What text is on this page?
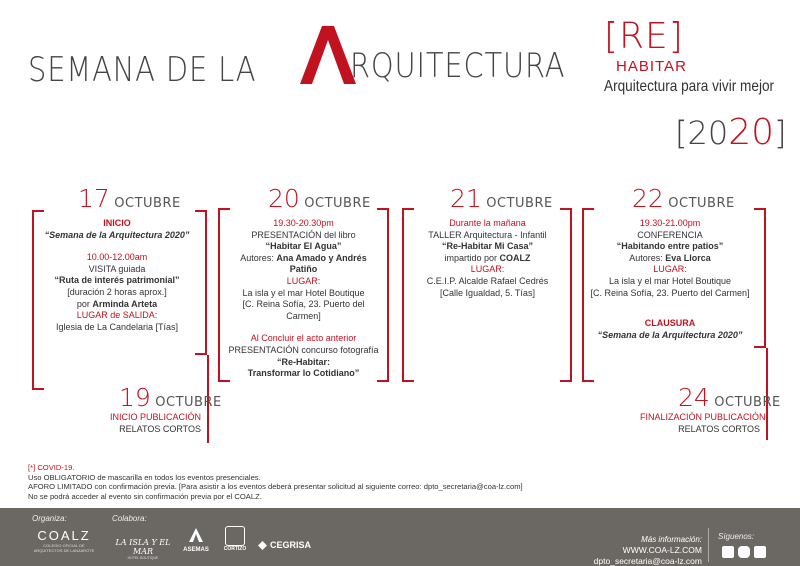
SEMANA DE LA	RQUITECTURA
[RE]
HABITAR
Arquitectura para vivir mejor
[2020]
17 OCTUBRE
INICIO
“Semana de la Arquitectura 2020”
10.00-12.00am
VISITA guiada
“Ruta de interés patrimonial”
[duración 2 horas aprox.]
por Arminda Arteta
LUGAR de SALIDA:
Iglesia de La Candelaria [Tías]
19 OCTUBRE
INICIO PUBLICACIÓN
RELATOS CORTOS
20 OCTUBRE
19.30-20.30pm
PRESENTACIÓN del libro
“Habitar El Agua”
Autores: Ana Amado y Andrés Patiño
LUGAR:
La isla y el mar Hotel Boutique
[C. Reina Sofía, 23. Puerto del Carmen]
Al Concluir el acto anterior
PRESENTACIÓN concurso fotografía
“Re-Habitar:
Transformar lo Cotidiano”
21 OCTUBRE
Durante la mañana
TALLER Arquitectura - Infantil
“Re-Habitar Mi Casa”
impartido por COALZ
LUGAR:
C.E.I.P. Alcalde Rafael Cedrés
[Calle Igualdad, 5. Tías]
22 OCTUBRE
19.30-21.00pm
CONFERENCIA
“Habitando entre patios”
Autores: Eva Llorca
LUGAR:
La isla y el mar Hotel Boutique
[C. Reina Sofía, 23. Puerto del Carmen]
CLAUSURA
“Semana de la Arquitectura 2020”
24 OCTUBRE
FINALIZACIÓN PUBLICACIÓN
RELATOS CORTOS
[*] COVID-19.
Uso OBLIGATORIO de mascarilla en todos los eventos presenciales.
AFORO LIMITADO con confirmación previa. [Para asistir a los eventos deberá presentar solicitud al siguiente correo: dpto_secretaria@coa-lz.com]
No se podrá acceder al evento sin confirmación previa por el COALZ.
Organiza:	Colabora:
COALZ
COLEGIO OFICIAL DE ARQUITECTOS DE LANZAROTE
LA ISLA Y EL MAR
HOTEL BOUTIQUE
ASEMAS	CORTIZO	CEGRISA
Más información:
WWW.COA-LZ.COM
dpto_secretaria@coa-lz.com
Síguenos:
